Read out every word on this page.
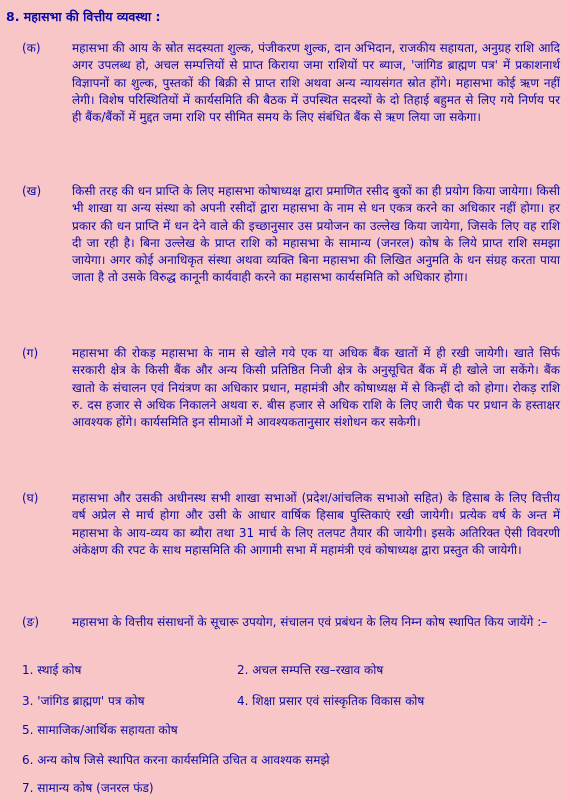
8. महासभा की वित्तीय व्यवस्था :
(क)	महासभा की आय के स्रोत सदस्यता शुल्क, पंजीकरण शुल्क, दान अभिदान, राजकीय सहायता, अनुग्रह राशि आदि अगर उपलब्ध हो, अचल सम्पत्तियों से प्राप्त किराया जमा राशियों पर ब्याज, 'जांगिड ब्राह्मण पत्र' में प्रकाशनार्थ विज्ञापनों का शुल्क, पुस्तकों की बिक्री से प्राप्त राशि अथवा अन्य न्यायसंगत स्रोत होंगे। महासभा कोई ऋण नहीं लेगी। विशेष परिस्थितियों में कार्यसमिति की बैठक में उपस्थित सदस्यों के दो तिहाई बहुमत से लिए गये निर्णय पर ही बैंक/बैंकों में मुद्दत जमा राशि पर सीमित समय के लिए संबंधित बैंक से ऋण लिया जा सकेगा।
(ख)	किसी तरह की धन प्राप्ति के लिए महासभा कोषाध्यक्ष द्वारा प्रमाणित रसीद बुकों का ही प्रयोग किया जायेगा। किसी भी शाखा या अन्य संस्था को अपनी रसीदों द्वारा महासभा के नाम से धन एकत्र करने का अधिकार नहीं होगा। हर प्रकार की धन प्राप्ति में धन देने वाले की इच्छानुसार उस प्रयोजन का उल्लेख किया जायेगा, जिसके लिए वह राशि दी जा रही है। बिना उल्लेख के प्राप्त राशि को महासभा के सामान्य (जनरल) कोष के लिये प्राप्त राशि समझा जायेगा। अगर कोई अनाधिकृत संस्था अथवा व्यक्ति बिना महासभा की लिखित अनुमति के धन संग्रह करता पाया जाता है तो उसके विरुद्ध कानूनी कार्यवाही करने का महासभा कार्यसमिति को अधिकार होगा।
(ग)	महासभा की रोकड़ महासभा के नाम से खोले गये एक या अधिक बैंक खातों में ही रखी जायेगी। खाते सिर्फ सरकारी क्षेत्र के किसी बैंक और अन्य किसी प्रतिष्ठित निजी क्षेत्र के अनुसूचित बैंक में ही खोले जा सकेंगे। बैंक खातो के संचालन एवं नियंत्रण का अधिकार प्रधान, महामंत्री और कोषाध्यक्ष में से किन्हीं दो को होगा। रोकड़ राशि रु. दस हजार से अधिक निकालने अथवा रु. बीस हजार से अधिक राशि के लिए जारी चैक पर प्रधान के हस्ताक्षर आवश्यक होंगे। कार्यसमिति इन सीमाओं मे आवश्यकतानुसार संशोधन कर सकेगी।
(घ)	महासभा और उसकी अधीनस्थ सभी शाखा सभाओं (प्रदेश/आंचलिक सभाओ सहित) के हिसाब के लिए वित्तीय वर्ष अप्रेल से मार्च होगा और उसी के आधार वार्षिक हिसाब पुस्तिकाएं रखी जायेगी। प्रत्येक वर्ष के अन्त में महासभा के आय-व्यय का ब्यौरा तथा 31 मार्च के लिए तलपट तैयार की जायेगी। इसके अतिरिक्त ऐसी विवरणी अंकेक्षण की रपट के साथ महासमिति की आगामी सभा में महामंत्री एवं कोषाध्यक्ष द्वारा प्रस्तुत की जायेगी।
(ङ)	महासभा के वित्तीय संसाधनों के सूचारू उपयोग, संचालन एवं प्रबंधन के लिय निम्न कोष स्थापित किय जायेंगे :–
1. स्थाई कोष	2. अचल सम्पत्ति रख–रखाव कोष
3. 'जांगिड ब्राह्मण' पत्र कोष	4. शिक्षा प्रसार एवं सांस्कृतिक विकास कोष
5. सामाजिक/आर्थिक सहायता कोष
6. अन्य कोष जिसे स्थापित करना कार्यसमिति उचित व आवश्यक समझे
7. सामान्य कोष (जनरल फंड)
